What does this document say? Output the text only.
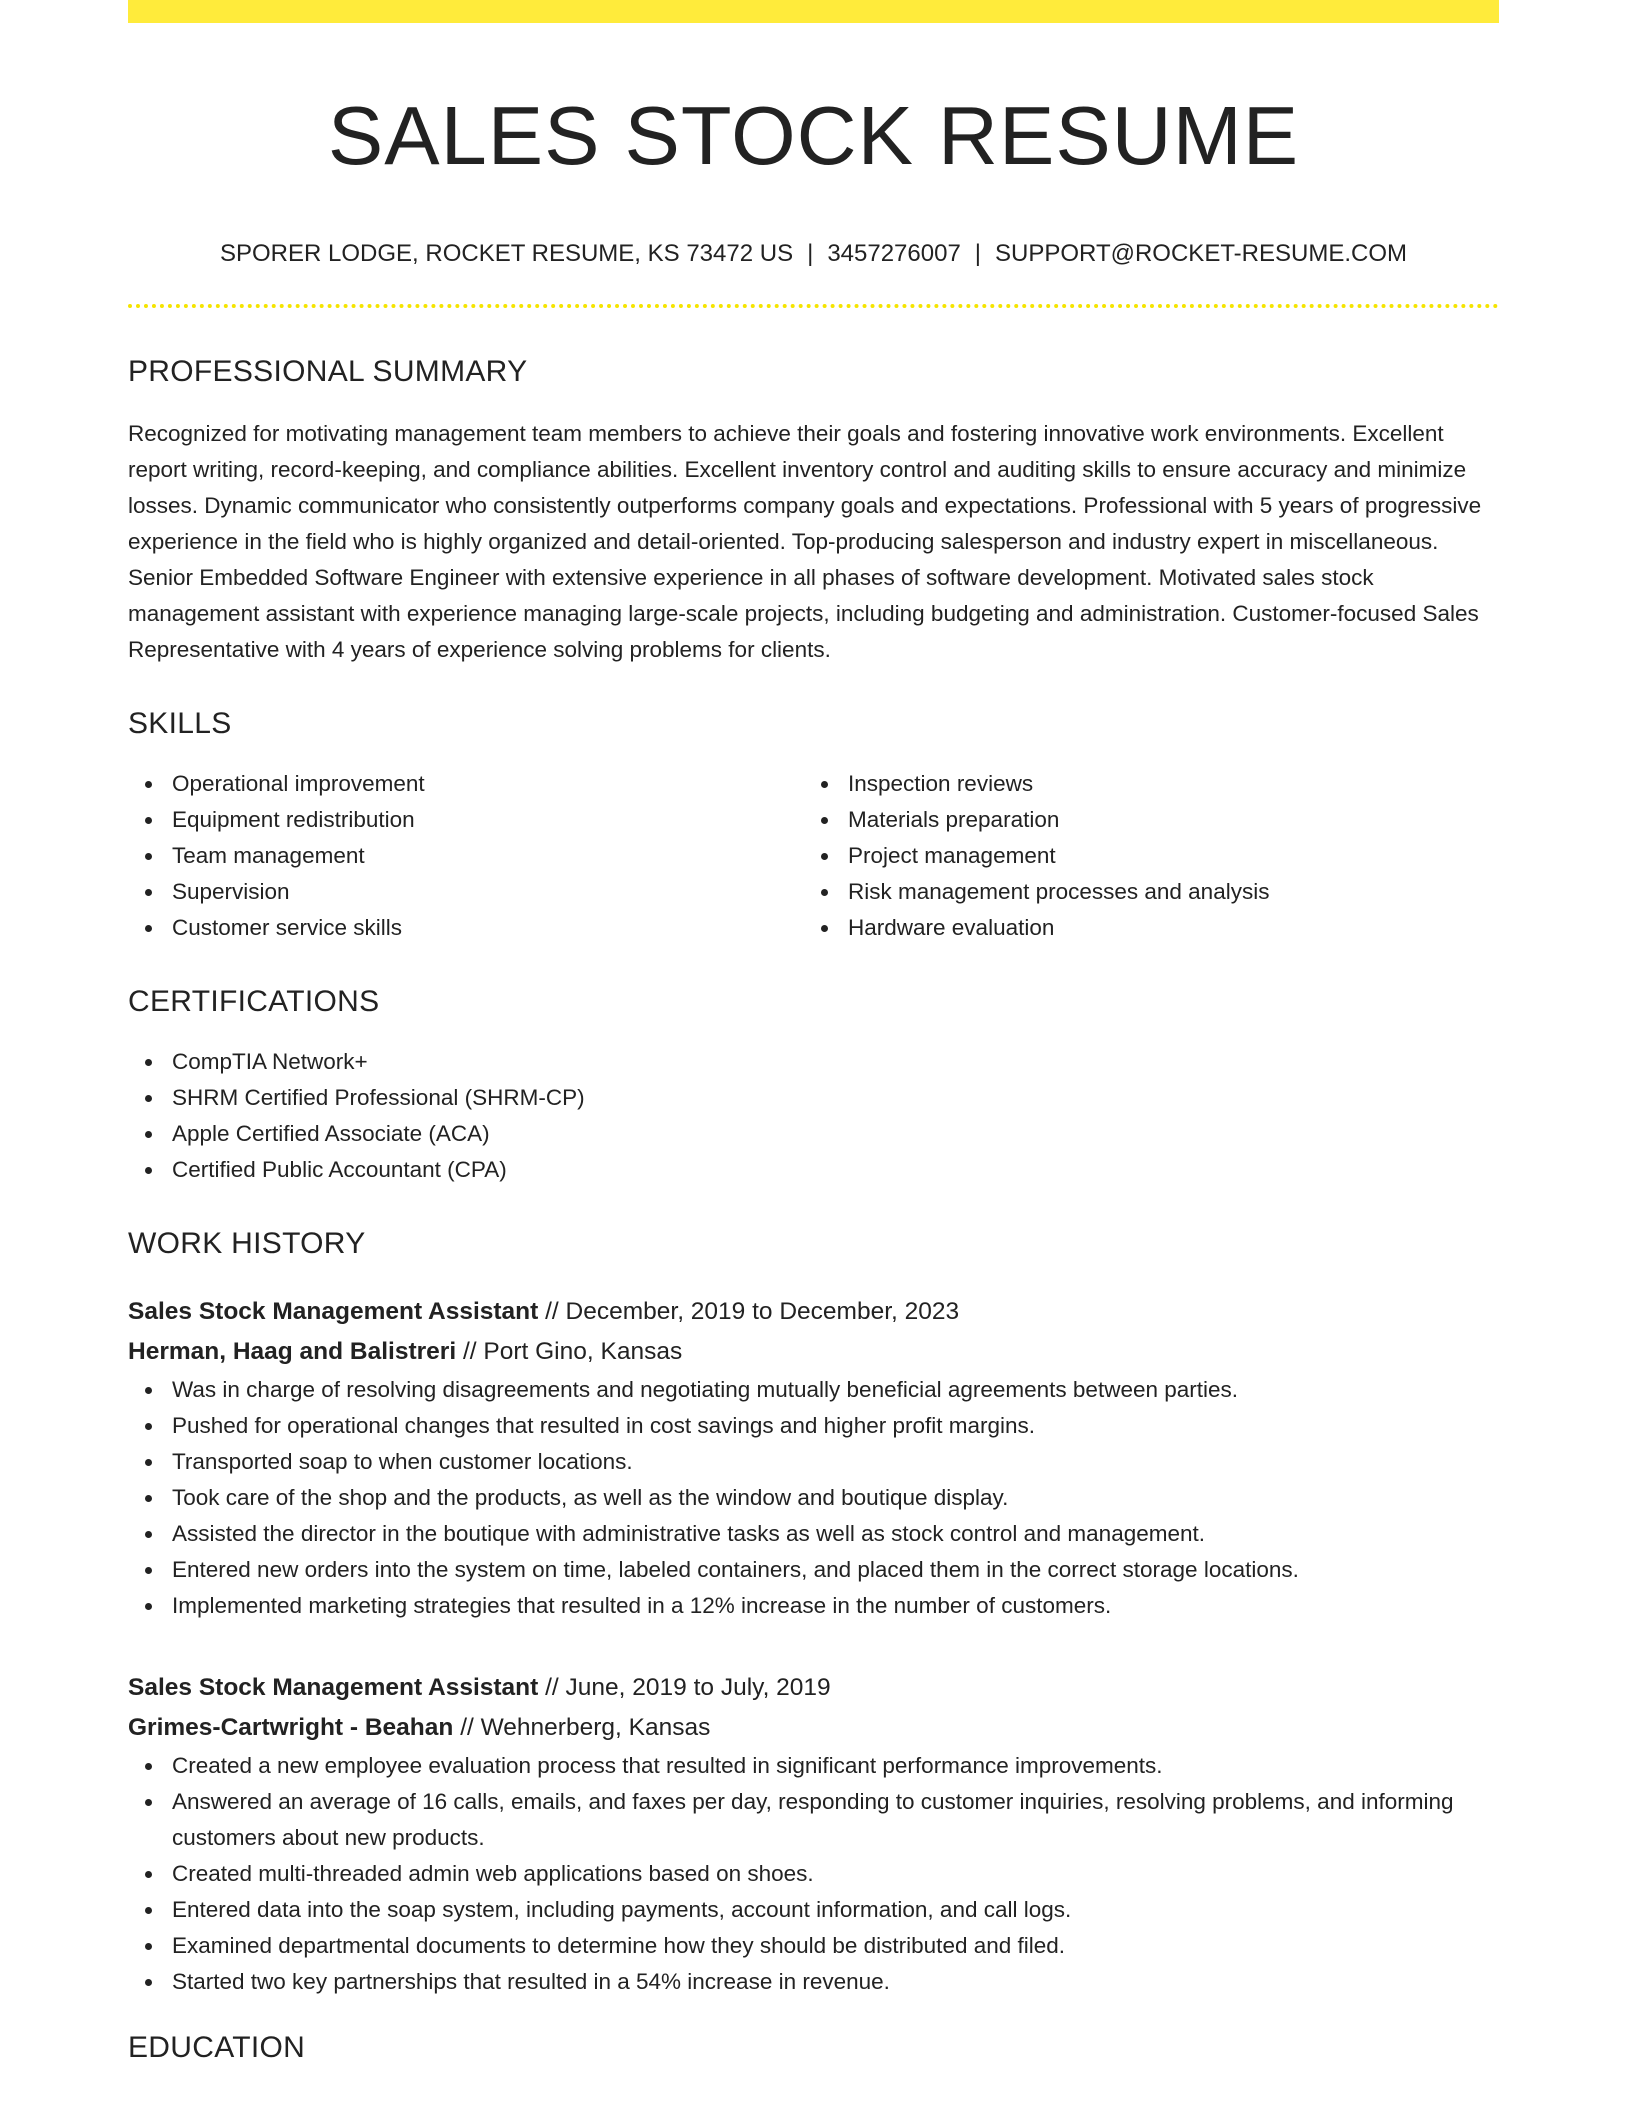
SALES STOCK RESUME
SPORER LODGE, ROCKET RESUME, KS 73472 US | 3457276007 | SUPPORT@ROCKET-RESUME.COM
PROFESSIONAL SUMMARY

Recognized for motivating management team members to achieve their goals and fostering innovative work environments. Excellent report writing, record-keeping, and compliance abilities. Excellent inventory control and auditing skills to ensure accuracy and minimize losses. Dynamic communicator who consistently outperforms company goals and expectations. Professional with 5 years of progressive experience in the field who is highly organized and detail-oriented. Top-producing salesperson and industry expert in miscellaneous. Senior Embedded Software Engineer with extensive experience in all phases of software development. Motivated sales stock management assistant with experience managing large-scale projects, including budgeting and administration. Customer-focused Sales Representative with 4 years of experience solving problems for clients.

SKILLS
Operational improvement
Equipment redistribution
Team management
Supervision
Customer service skills
Inspection reviews
Materials preparation
Project management
Risk management processes and analysis
Hardware evaluation
CERTIFICATIONS
CompTIA Network+
SHRM Certified Professional (SHRM-CP)
Apple Certified Associate (ACA)
Certified Public Accountant (CPA)
WORK HISTORY
Sales Stock Management Assistant // December, 2019 to December, 2023
Herman, Haag and Balistreri // Port Gino, Kansas
Was in charge of resolving disagreements and negotiating mutually beneficial agreements between parties.
Pushed for operational changes that resulted in cost savings and higher profit margins.
Transported soap to when customer locations.
Took care of the shop and the products, as well as the window and boutique display.
Assisted the director in the boutique with administrative tasks as well as stock control and management.
Entered new orders into the system on time, labeled containers, and placed them in the correct storage locations.
Implemented marketing strategies that resulted in a 12% increase in the number of customers.
Sales Stock Management Assistant // June, 2019 to July, 2019
Grimes-Cartwright - Beahan // Wehnerberg, Kansas
Created a new employee evaluation process that resulted in significant performance improvements.
Answered an average of 16 calls, emails, and faxes per day, responding to customer inquiries, resolving problems, and informing customers about new products.
Created multi-threaded admin web applications based on shoes.
Entered data into the soap system, including payments, account information, and call logs.
Examined departmental documents to determine how they should be distributed and filed.
Started two key partnerships that resulted in a 54% increase in revenue.
EDUCATION
